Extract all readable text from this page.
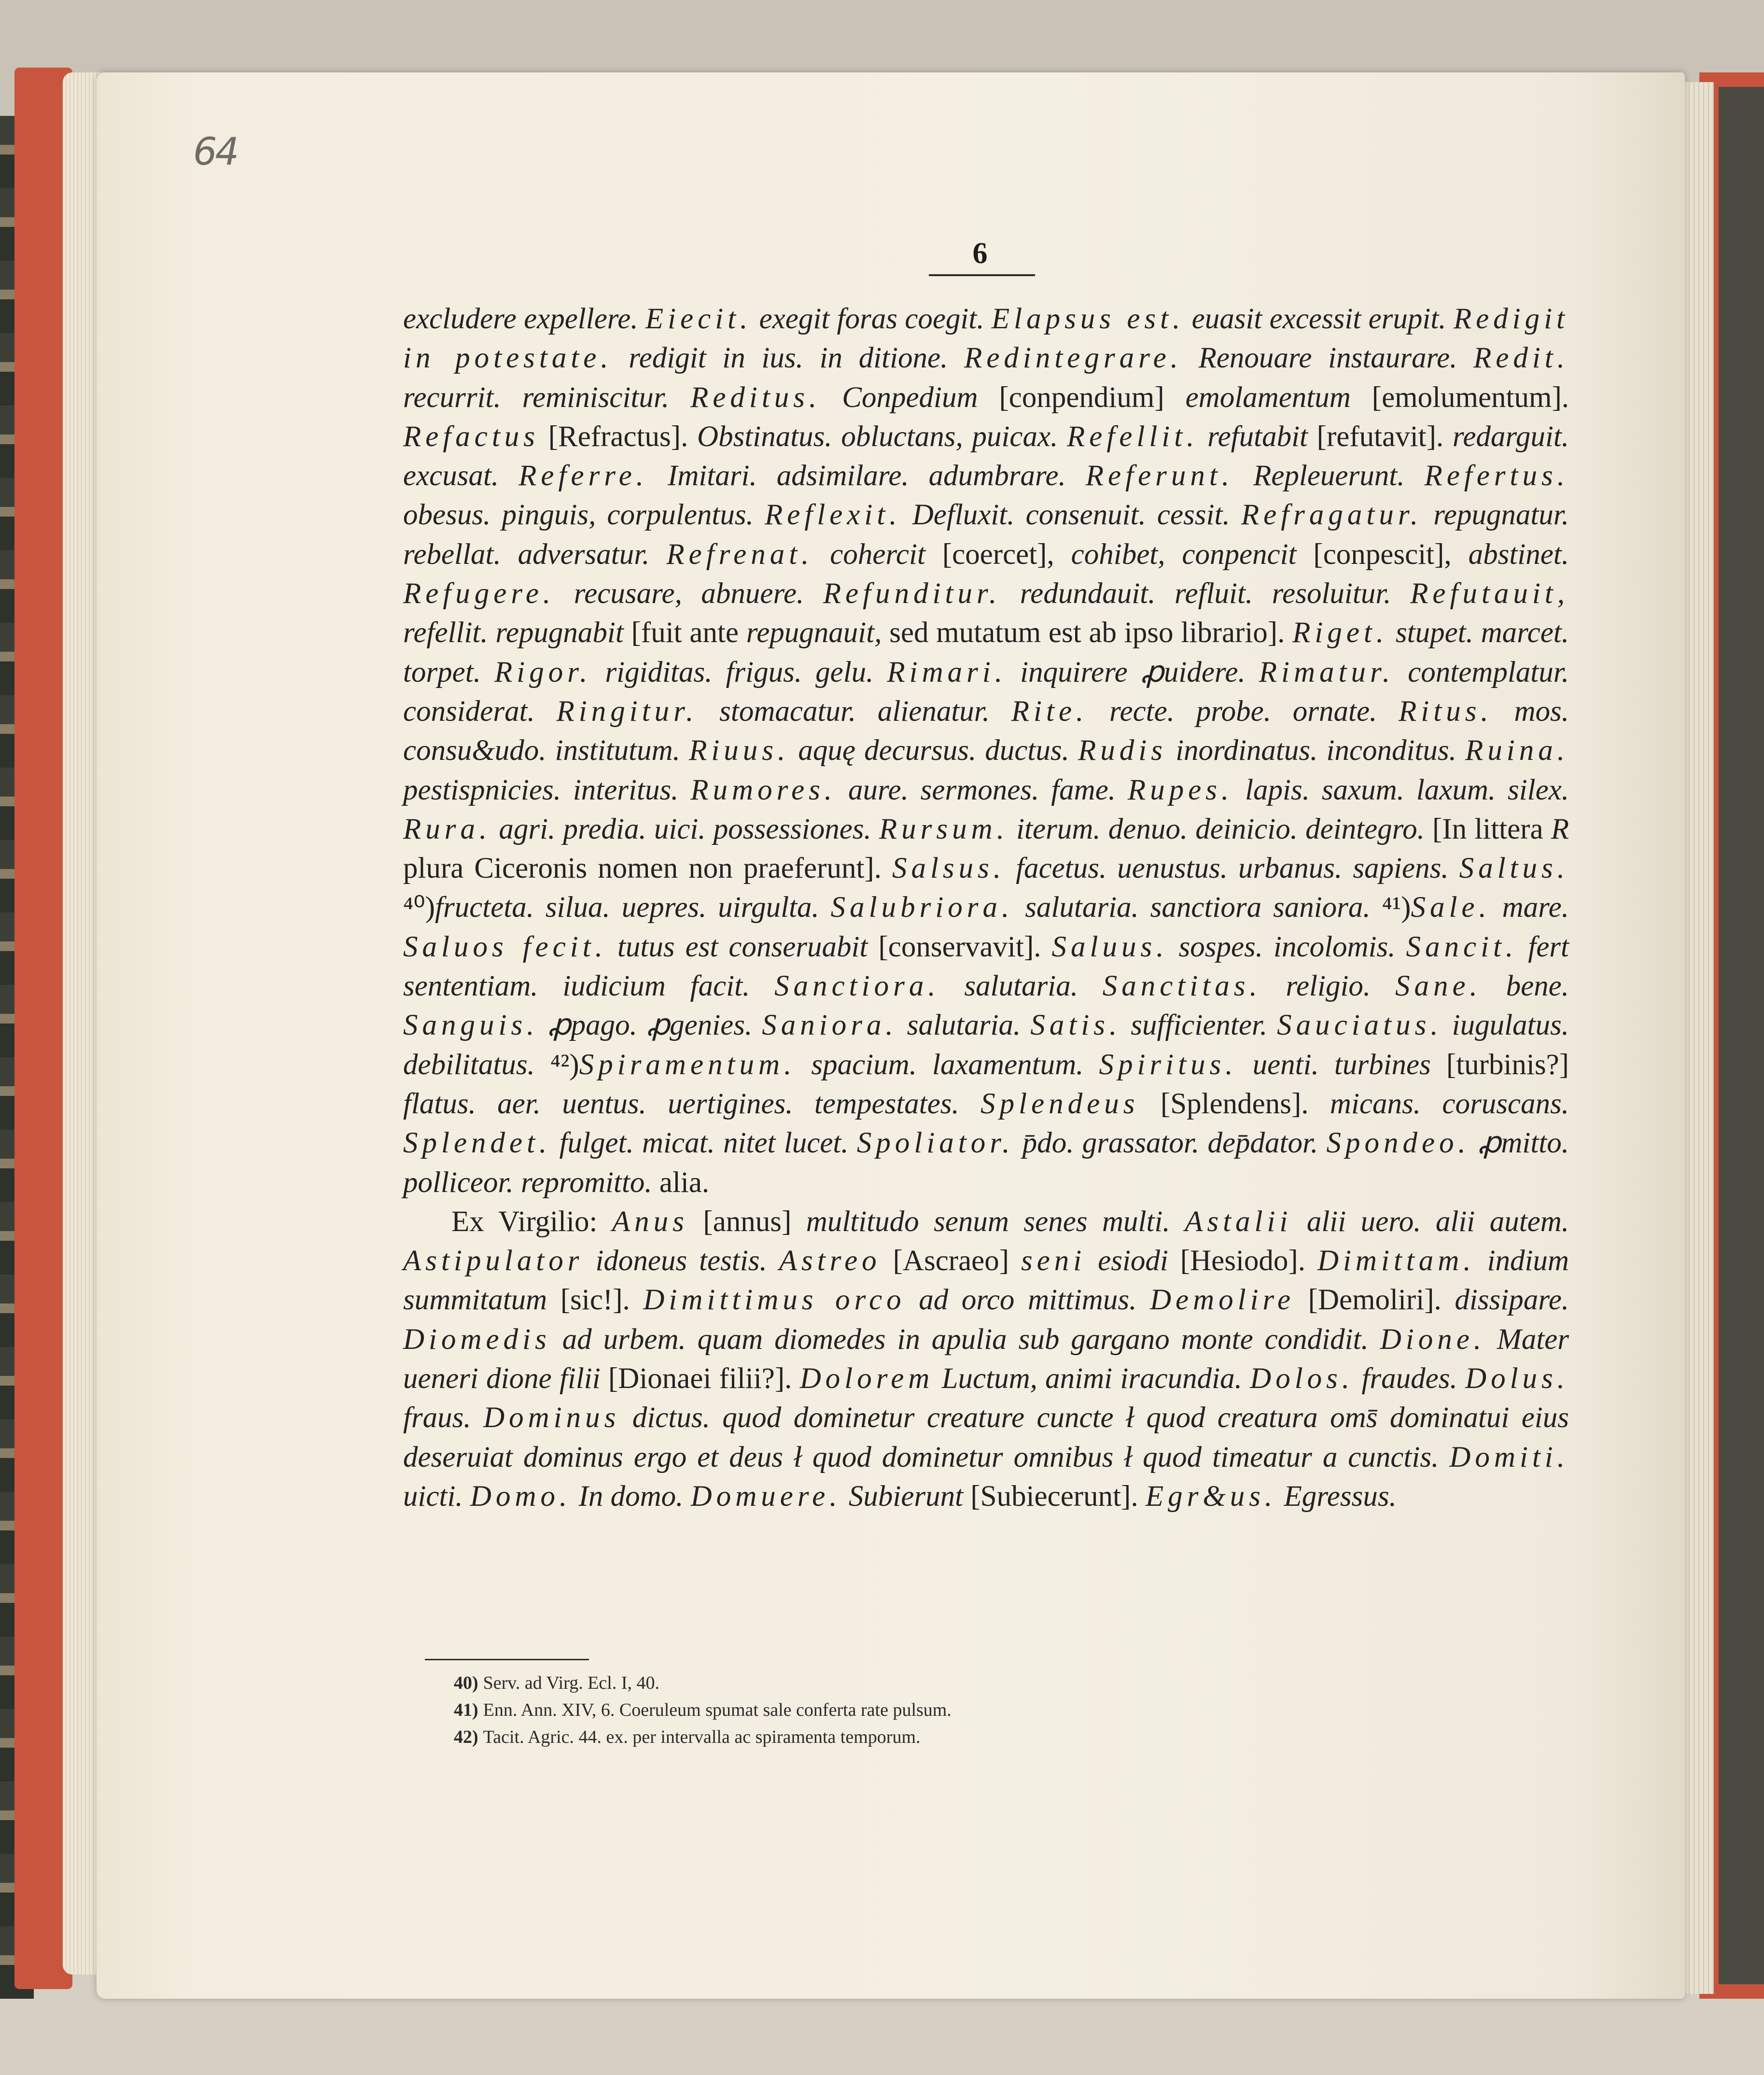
64
6

excludere expellere. Eiecit. exegit foras coegit. Elapsus est. euasit excessit erupit. Redigit in potestate. redigit in ius. in ditione. Redintegrare. Renouare instaurare. Redit. recurrit. reminiscitur. Reditus. Conpedium [conpendium] emolamentum [emolumentum]. Refactus [Refractus]. Obstinatus. obluctans, puicax. Refellit. refutabit [refutavit]. redarguit. excusat. Referre. Imitari. adsimilare. adumbrare. Referunt. Repleuerunt. Refertus. obesus. pinguis, corpulentus. Reflexit. Defluxit. consenuit. cessit. Refragatur. repugnatur. rebellat. adversatur. Refrenat. cohercit [coercet], cohibet, conpencit [conpescit], abstinet. Refugere. recusare, abnuere. Refunditur. redundauit. refluit. resoluitur. Refutauit, refellit. repugnabit [fuit ante repugnauit, sed mutatum est ab ipso librario]. Riget. stupet. marcet. torpet. Rigor. rigiditas. frigus. gelu. Rimari. inquirere ꝓuidere. Rimatur. contemplatur. considerat. Ringitur. stomacatur. alienatur. Rite. recte. probe. ornate. Ritus. mos. consu&udo. institutum. Riuus. aquę decursus. ductus. Rudis inordinatus. inconditus. Ruina. pestispnicies. interitus. Rumores. aure. sermones. fame. Rupes. lapis. saxum. laxum. silex. Rura. agri. predia. uici. possessiones. Rursum. iterum. denuo. deinicio. deintegro. [In littera R plura Ciceronis nomen non praeferunt]. Salsus. facetus. uenustus. urbanus. sapiens. Saltus. ⁴⁰)fructeta. silua. uepres. uirgulta. Salubriora. salutaria. sanctiora saniora. ⁴¹)Sale. mare. Saluos fecit. tutus est conseruabit [conservavit]. Saluus. sospes. incolomis. Sancit. fert sententiam. iudicium facit. Sanctiora. salutaria. Sanctitas. religio. Sane. bene. Sanguis. ꝓpago. ꝓgenies. Saniora. salutaria. Satis. sufficienter. Sauciatus. iugulatus. debilitatus. ⁴²)Spiramentum. spacium. laxamentum. Spiritus. uenti. turbines [turbinis?] flatus. aer. uentus. uertigines. tempestates. Splendeus [Splendens]. micans. coruscans. Splendet. fulget. micat. nitet lucet. Spoliator. p̄do. grassator. dep̄dator. Spondeo. ꝓmitto. polliceor. repromitto. alia.

Ex Virgilio: Anus [annus] multitudo senum senes multi. Astalii alii uero. alii autem. Astipulator idoneus testis. Astreo [Ascraeo] seni esiodi [Hesiodo]. Dimittam. indium summitatum [sic!]. Dimittimus orco ad orco mittimus. Demolire [Demoliri]. dissipare. Diomedis ad urbem. quam diomedes in apulia sub gargano monte condidit. Dione. Mater ueneri dione filii [Dionaei filii?]. Dolorem Luctum, animi iracundia. Dolos. fraudes. Dolus. fraus. Dominus dictus. quod dominetur creature cuncte ł quod creatura oms̄ dominatui eius deseruiat dominus ergo et deus ł quod dominetur omnibus ł quod timeatur a cunctis. Domiti. uicti. Domo. In domo. Domuere. Subierunt [Subiecerunt]. Egr&us. Egressus.

40) Serv. ad Virg. Ecl. I, 40.
41) Enn. Ann. XIV, 6. Coeruleum spumat sale conferta rate pulsum.
42) Tacit. Agric. 44. ex. per intervalla ac spiramenta temporum.
